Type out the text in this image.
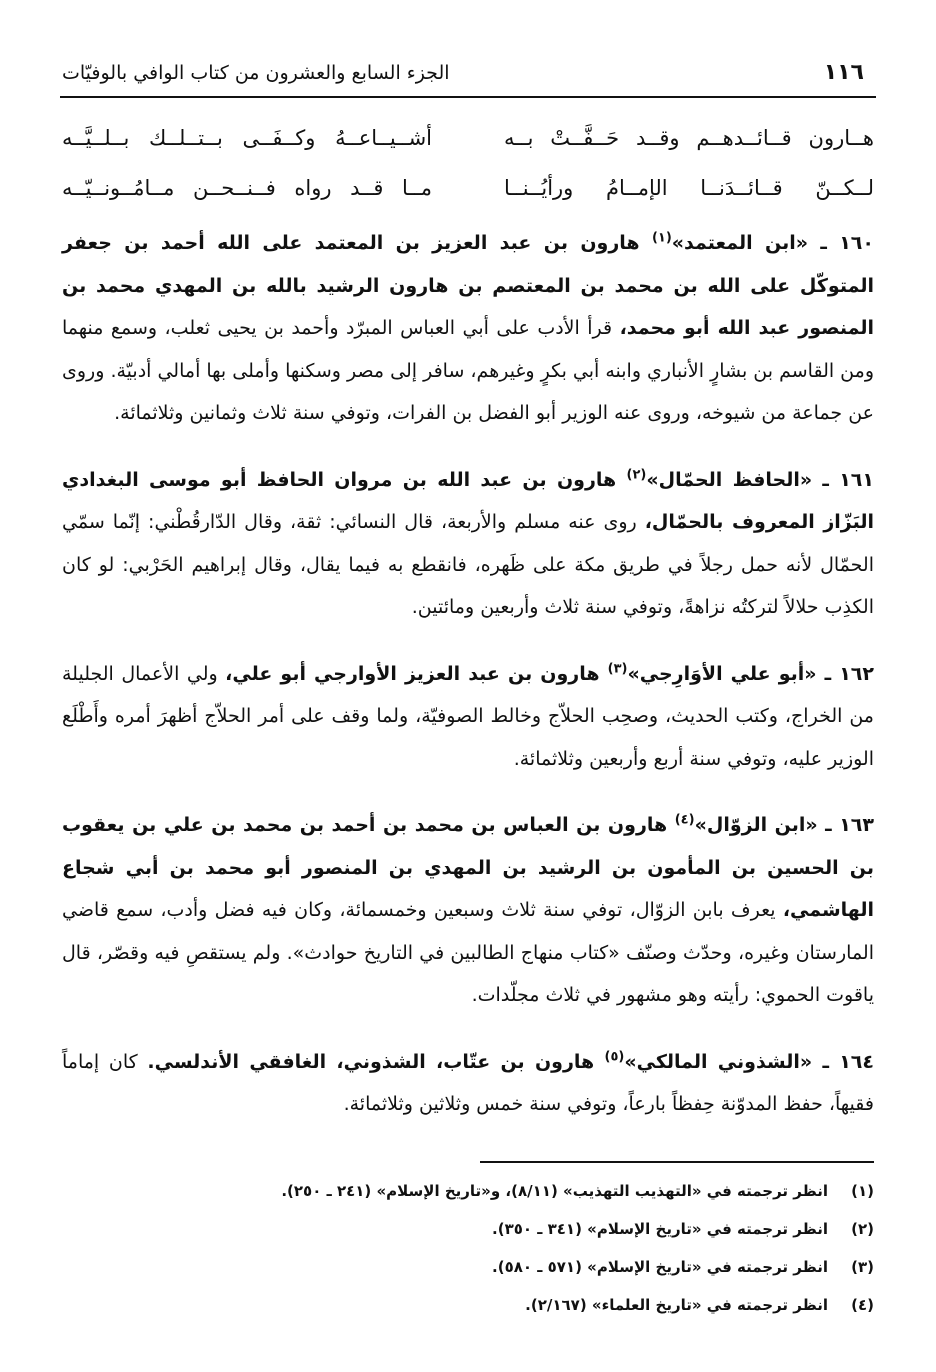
١١٦
الجزء السابع والعشرون من كتاب الوافي بالوفيّات
هــارون قــائــدهــم وقــد حَــفَّــتْ بــه
أشــيــاعــهُ وكــفَــى بــتــلــك بــلــيَّــه
لــكــنّ قــائــدَنــا الإمــامُ ورأيُــنــا
مــا قــد رواه فــنــحــن مــامُــونــيّــه

١٦٠ ـ «ابن المعتمد»$^{(١)}$ هارون بن عبد العزيز بن المعتمد على الله أحمد بن جعفر المتوكّل على الله بن محمد بن المعتصم بن هارون الرشيد بالله بن المهدي محمد بن المنصور عبد الله أبو محمد، قرأ الأدب على أبي العباس المبرّد وأحمد بن يحيى ثعلب، وسمع منهما ومن القاسم بن بشارٍ الأنباري وابنه أبي بكرٍ وغيرهم، سافر إلى مصر وسكنها وأملى بها أمالي أدبيّة. وروى عن جماعة من شيوخه، وروى عنه الوزير أبو الفضل بن الفرات، وتوفي سنة ثلاث وثمانين وثلاثمائة.

١٦١ ـ «الحافظ الحمّال»$^{(٢)}$ هارون بن عبد الله بن مروان الحافظ أبو موسى البغدادي البَزّاز المعروف بالحمّال، روى عنه مسلم والأربعة، قال النسائي: ثقة، وقال الدّارقُطْني: إنّما سمّي الحمّال لأنه حمل رجلاً في طريق مكة على ظَهره، فانقطع به فيما يقال، وقال إبراهيم الحَرْبي: لو كان الكذِب حلالاً لتركتُه نزاهةً، وتوفي سنة ثلاث وأربعين ومائتين.

١٦٢ ـ «أبو علي الأوَارِجي»$^{(٣)}$ هارون بن عبد العزيز الأوارجي أبو علي، ولي الأعمال الجليلة من الخراج، وكتب الحديث، وصحِب الحلاّج وخالط الصوفيّة، ولما وقف على أمر الحلاّج أظهرَ أمره وأَطْلَع الوزير عليه، وتوفي سنة أربع وأربعين وثلاثمائة.

١٦٣ ـ «ابن الزوّال»$^{(٤)}$ هارون بن العباس بن محمد بن أحمد بن محمد بن علي بن يعقوب بن الحسين بن المأمون بن الرشيد بن المهدي بن المنصور أبو محمد بن أبي شجاع الهاشمي، يعرف بابن الزوّال، توفي سنة ثلاث وسبعين وخمسمائة، وكان فيه فضل وأدب، سمع قاضي المارستان وغيره، وحدّث وصنّف «كتاب منهاج الطالبين في التاريخ حوادث». ولم يستقصِ فيه وقصّر، قال ياقوت الحموي: رأيته وهو مشهور في ثلاث مجلّدات.

١٦٤ ـ «الشذوني المالكي»$^{(٥)}$ هارون بن عتّاب، الشذوني، الغافقي الأندلسي. كان إماماً فقيهاً، حفظ المدوّنة حِفظاً بارعاً، وتوفي سنة خمس وثلاثين وثلاثمائة.

(١)انظر ترجمته في «التهذيب التهذيب» (٨/١١)، و«تاريخ الإسلام» (٢٤١ ـ ٢٥٠).
(٢)انظر ترجمته في «تاريخ الإسلام» (٣٤١ ـ ٣٥٠).
(٣)انظر ترجمته في «تاريخ الإسلام» (٥٧١ ـ ٥٨٠).
(٤)انظر ترجمته في «تاريخ العلماء» (٢/١٦٧).
